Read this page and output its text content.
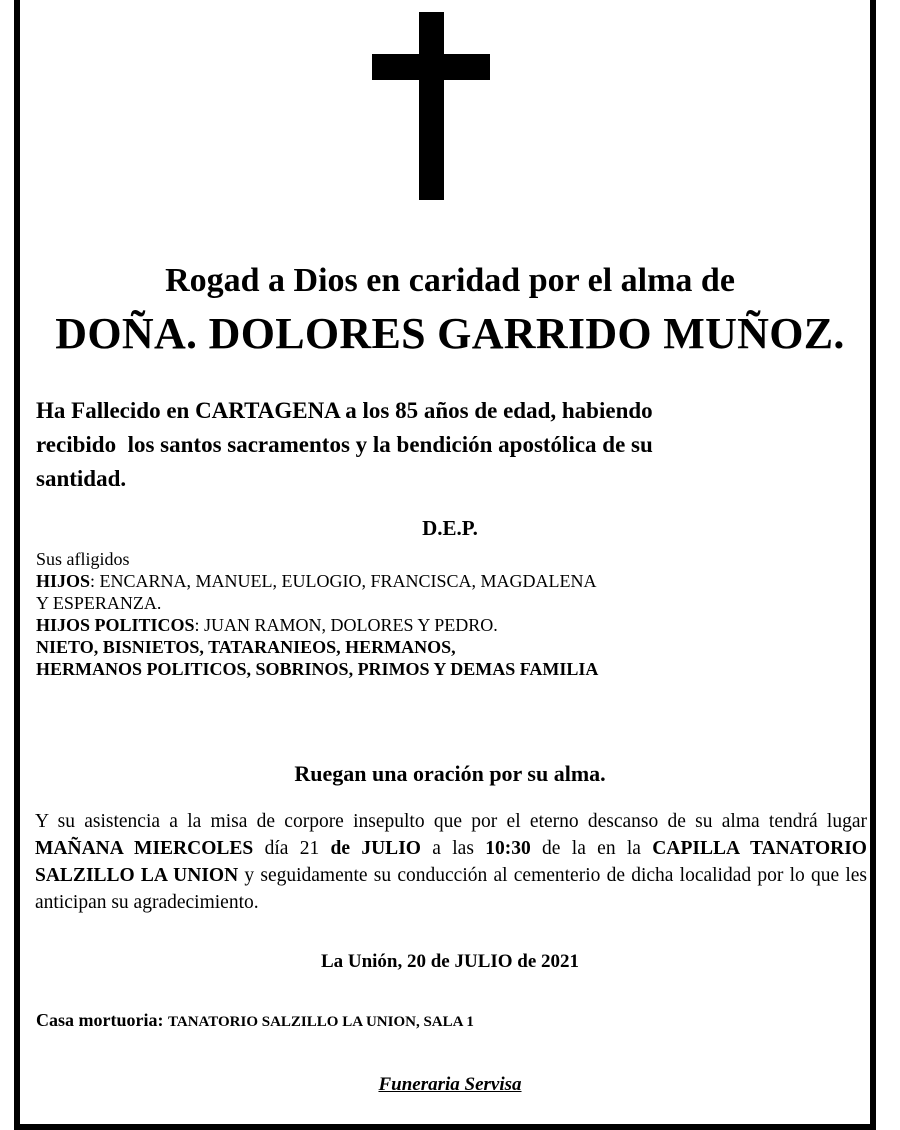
Rogad a Dios en caridad por el alma de
DOÑA. DOLORES GARRIDO MUÑOZ.
Ha Fallecido en CARTAGENA a los 85 años de edad, habiendo
recibido  los santos sacramentos y la bendición apostólica de su
santidad.
D.E.P.
Sus afligidos
HIJOS: ENCARNA, MANUEL, EULOGIO, FRANCISCA, MAGDALENA
Y ESPERANZA.
HIJOS POLITICOS: JUAN RAMON, DOLORES Y PEDRO.
NIETO, BISNIETOS, TATARANIEOS, HERMANOS,
HERMANOS POLITICOS, SOBRINOS, PRIMOS Y DEMAS FAMILIA
Ruegan una oración por su alma.
Y su asistencia a la misa de corpore insepulto que por el eterno descanso de su alma tendrá lugar MAÑANA MIERCOLES día 21 de JULIO a las 10:30 de la en la CAPILLA TANATORIO SALZILLO LA UNION y seguidamente su conducción al cementerio de dicha localidad por lo que les anticipan su agradecimiento.
La Unión, 20 de JULIO de 2021
Casa mortuoria: TANATORIO SALZILLO LA UNION, SALA 1
Funeraria Servisa
